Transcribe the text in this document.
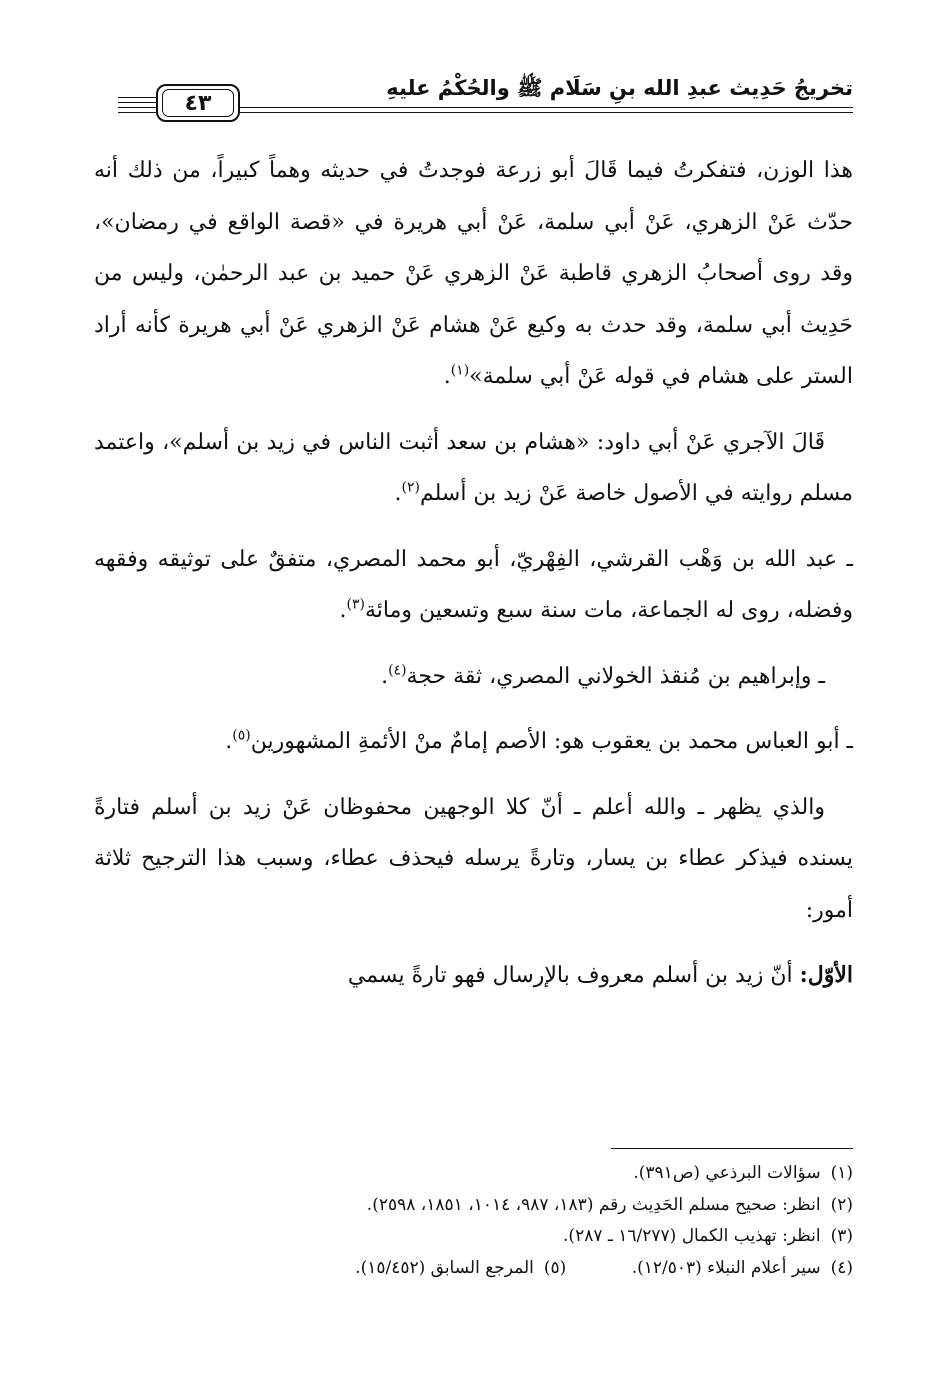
تخريجُ حَدِيث عبدِ الله بنِ سَلَام ﷺ والحُكْمُ عليهِ
٤٣

هذا الوزن، فتفكرتُ فيما قَالَ أبو زرعة فوجدتُ في حديثه وهماً كبيراً، من ذلك أنه حدّث عَنْ الزهري، عَنْ أبي سلمة، عَنْ أبي هريرة في «قصة الواقع في رمضان»، وقد روى أصحابُ الزهري قاطبة عَنْ الزهري عَنْ حميد بن عبد الرحمٰن، وليس من حَدِيث أبي سلمة، وقد حدث به وكيع عَنْ هشام عَنْ الزهري عَنْ أبي هريرة كأنه أراد الستر على هشام في قوله عَنْ أبي سلمة»$^{(١)}$.

قَالَ الآجري عَنْ أبي داود: «هشام بن سعد أثبت الناس في زيد بن أسلم»، واعتمد مسلم روايته في الأصول خاصة عَنْ زيد بن أسلم$^{(٢)}$.

ـ عبد الله بن وَهْب القرشي، الفِهْريّ، أبو محمد المصري، متفقٌ على توثيقه وفقهه وفضله، روى له الجماعة، مات سنة سبع وتسعين ومائة$^{(٣)}$.

ـ وإبراهيم بن مُنقذ الخولاني المصري، ثقة حجة$^{(٤)}$.

ـ أبو العباس محمد بن يعقوب هو: الأصم إمامٌ منْ الأئمةِ المشهورين$^{(٥)}$.

والذي يظهر ـ والله أعلم ـ أنّ كلا الوجهين محفوظان عَنْ زيد بن أسلم فتارةً يسنده فيذكر عطاء بن يسار، وتارةً يرسله فيحذف عطاء، وسبب هذا الترجيح ثلاثة أمور:

الأوّل: أنّ زيد بن أسلم معروف بالإرسال فهو تارةً يسمي

(١)سؤالات البرذعي (ص٣٩١).
(٢)انظر: صحيح مسلم الحَدِيث رقم (١٨٣، ٩٨٧، ١٠١٤، ١٨٥١، ٢٥٩٨).
(٣)انظر: تهذيب الكمال (١٦/٢٧٧ ـ ٢٨٧).
(٤)سير أعلام النبلاء (١٢/٥٠٣). (٥)المرجع السابق (١٥/٤٥٢).
